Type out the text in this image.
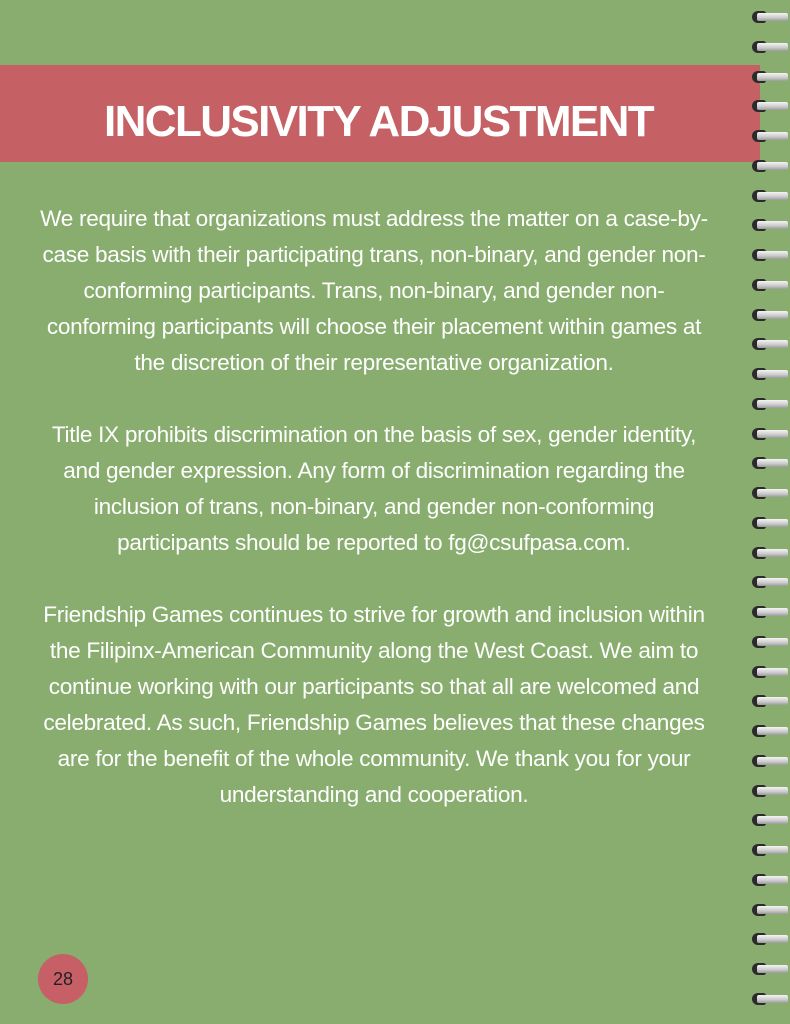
INCLUSIVITY ADJUSTMENT

We require that organizations must address the matter on a case-by-case basis with their participating trans, non-binary, and gender non-conforming participants. Trans, non-binary, and gender non-conforming participants will choose their placement within games at the discretion of their representative organization.

Title IX prohibits discrimination on the basis of sex, gender identity, and gender expression. Any form of discrimination regarding the inclusion of trans, non-binary, and gender non-conforming participants should be reported to fg@csufpasa.com.

Friendship Games continues to strive for growth and inclusion within the Filipinx-American Community along the West Coast. We aim to continue working with our participants so that all are welcomed and celebrated. As such, Friendship Games believes that these changes are for the benefit of the whole community. We thank you for your understanding and cooperation.

28
